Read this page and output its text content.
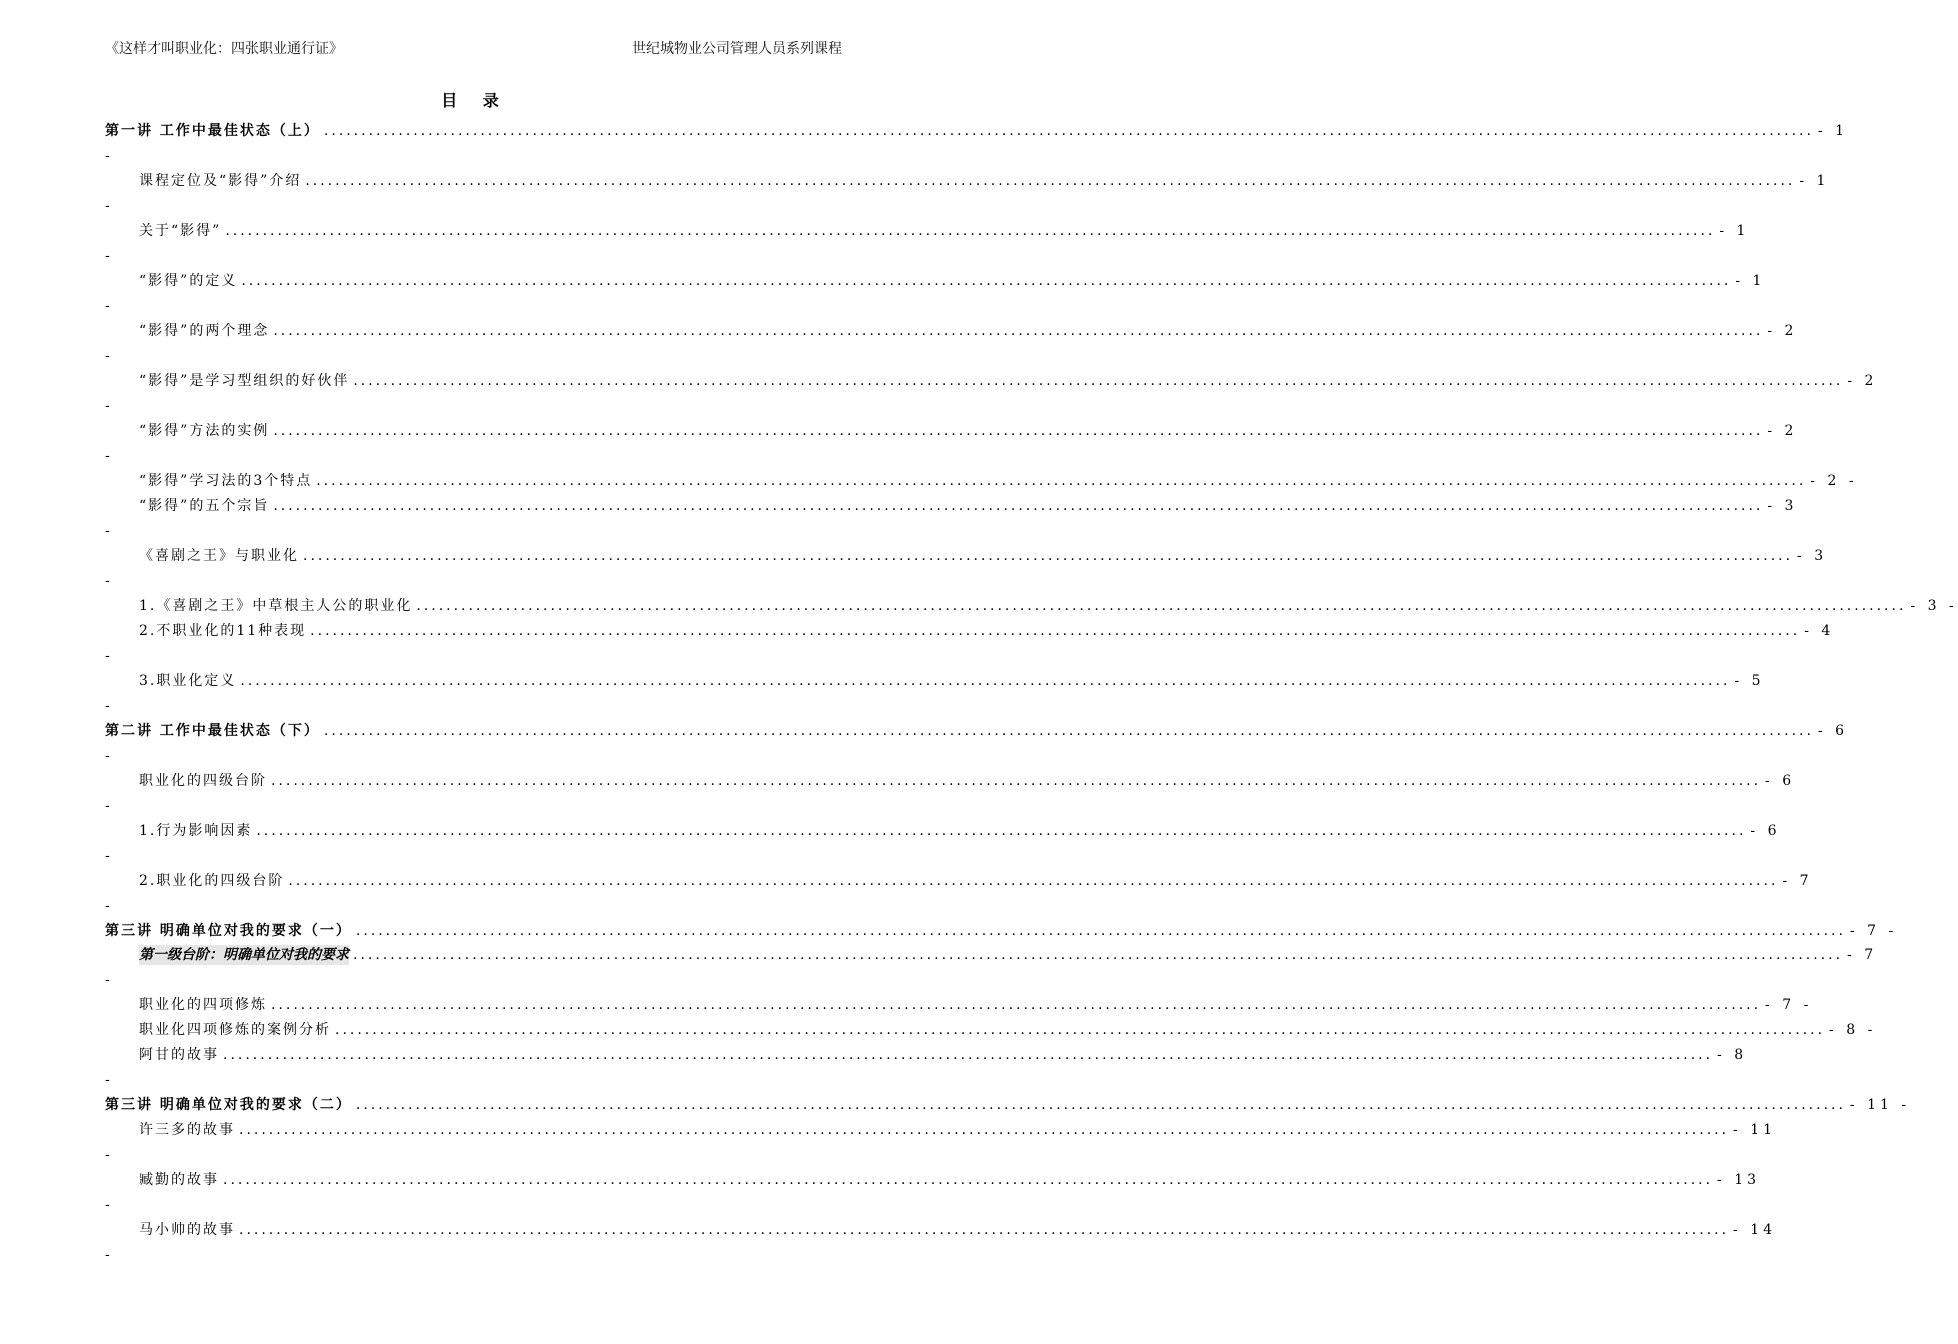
《这样才叫职业化：四张职业通行证》	世纪城物业公司管理人员系列课程
目 录
第一讲 工作中最佳状态（上） ........................................................................................................................................................................................................ - 1
-
课程定位及“影得”介绍 ........................................................................................................................................................................................................ - 1
-
关于“影得” ........................................................................................................................................................................................................ - 1
-
“影得”的定义 ........................................................................................................................................................................................................ - 1
-
“影得”的两个理念 ........................................................................................................................................................................................................ - 2
-
“影得”是学习型组织的好伙伴 ........................................................................................................................................................................................................ - 2
-
“影得”方法的实例 ........................................................................................................................................................................................................ - 2
-
“影得”学习法的3个特点 ........................................................................................................................................................................................................ - 2 -
“影得”的五个宗旨 ........................................................................................................................................................................................................ - 3
-
《喜剧之王》与职业化 ........................................................................................................................................................................................................ - 3
-
1.《喜剧之王》中草根主人公的职业化 ........................................................................................................................................................................................................ - 3 -
2.不职业化的11种表现 ........................................................................................................................................................................................................ - 4
-
3.职业化定义 ........................................................................................................................................................................................................ - 5
-
第二讲 工作中最佳状态（下） ........................................................................................................................................................................................................ - 6
-
职业化的四级台阶 ........................................................................................................................................................................................................ - 6
-
1.行为影响因素 ........................................................................................................................................................................................................ - 6
-
2.职业化的四级台阶 ........................................................................................................................................................................................................ - 7
-
第三讲 明确单位对我的要求（一） ........................................................................................................................................................................................................ - 7 -
第一级台阶：明确单位对我的要求 ........................................................................................................................................................................................................ - 7
-
职业化的四项修炼 ........................................................................................................................................................................................................ - 7 -
职业化四项修炼的案例分析 ........................................................................................................................................................................................................ - 8 -
阿甘的故事 ........................................................................................................................................................................................................ - 8
-
第三讲 明确单位对我的要求（二） ........................................................................................................................................................................................................ - 11 -
许三多的故事 ........................................................................................................................................................................................................ - 11
-
臧勤的故事 ........................................................................................................................................................................................................ - 13
-
马小帅的故事 ........................................................................................................................................................................................................ - 14
-
